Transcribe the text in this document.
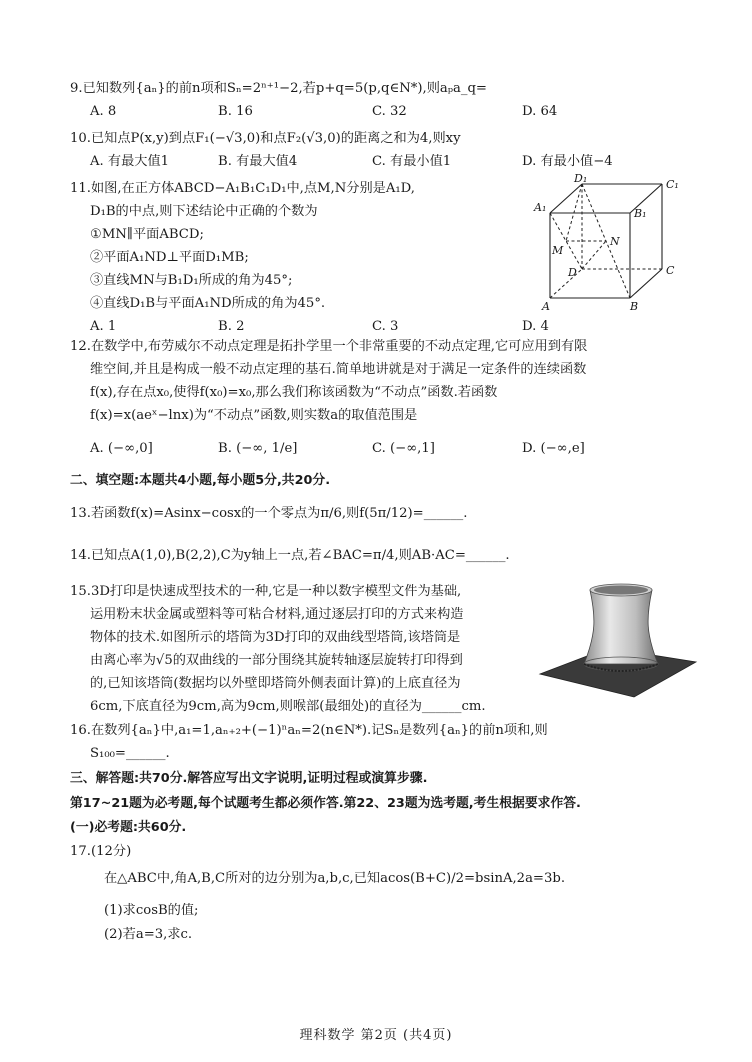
9.已知数列{aₙ}的前n项和Sₙ=2ⁿ⁺¹−2,若p+q=5(p,q∈N*),则aₚa_q=
A. 8	B. 16	C. 32	D. 64
10.已知点P(x,y)到点F₁(−√3,0)和点F₂(√3,0)的距离之和为4,则xy
A. 有最大值1	B. 有最大值4	C. 有最小值1	D. 有最小值−4
11.如图,在正方体ABCD−A₁B₁C₁D₁中,点M,N分别是A₁D,
D₁B的中点,则下述结论中正确的个数为
①MN∥平面ABCD;
②平面A₁ND⊥平面D₁MB;
③直线MN与B₁D₁所成的角为45°;
④直线D₁B与平面A₁ND所成的角为45°.
A. 1	B. 2	C. 3	D. 4
D₁	C₁
A₁	B₁
M
N
D	C
A	B
12.在数学中,布劳威尔不动点定理是拓扑学里一个非常重要的不动点定理,它可应用到有限
维空间,并且是构成一般不动点定理的基石.简单地讲就是对于满足一定条件的连续函数
f(x),存在点x₀,使得f(x₀)=x₀,那么我们称该函数为“不动点”函数.若函数
f(x)=x(aeˣ−lnx)为“不动点”函数,则实数a的取值范围是
A. (−∞,0]	B. (−∞, 1/e]	C. (−∞,1]	D. (−∞,e]
二、填空题:本题共4小题,每小题5分,共20分.
13.若函数f(x)=Asinx−cosx的一个零点为π/6,则f(5π/12)=______.
14.已知点A(1,0),B(2,2),C为y轴上一点,若∠BAC=π/4,则AB·AC=______.
15.3D打印是快速成型技术的一种,它是一种以数字模型文件为基础,
运用粉末状金属或塑料等可粘合材料,通过逐层打印的方式来构造
物体的技术.如图所示的塔筒为3D打印的双曲线型塔筒,该塔筒是
由离心率为√5的双曲线的一部分围绕其旋转轴逐层旋转打印得到
的,已知该塔筒(数据均以外壁即塔筒外侧表面计算)的上底直径为
6cm,下底直径为9cm,高为9cm,则喉部(最细处)的直径为______cm.
16.在数列{aₙ}中,a₁=1,aₙ₊₂+(−1)ⁿaₙ=2(n∈N*).记Sₙ是数列{aₙ}的前n项和,则
S₁₀₀=______.
三、解答题:共70分.解答应写出文字说明,证明过程或演算步骤.
第17~21题为必考题,每个试题考生都必须作答.第22、23题为选考题,考生根据要求作答.
(一)必考题:共60分.
17.(12分)
在△ABC中,角A,B,C所对的边分别为a,b,c,已知acos(B+C)/2=bsinA,2a=3b.
(1)求cosB的值;
(2)若a=3,求c.
理科数学 第2页 (共4页)
